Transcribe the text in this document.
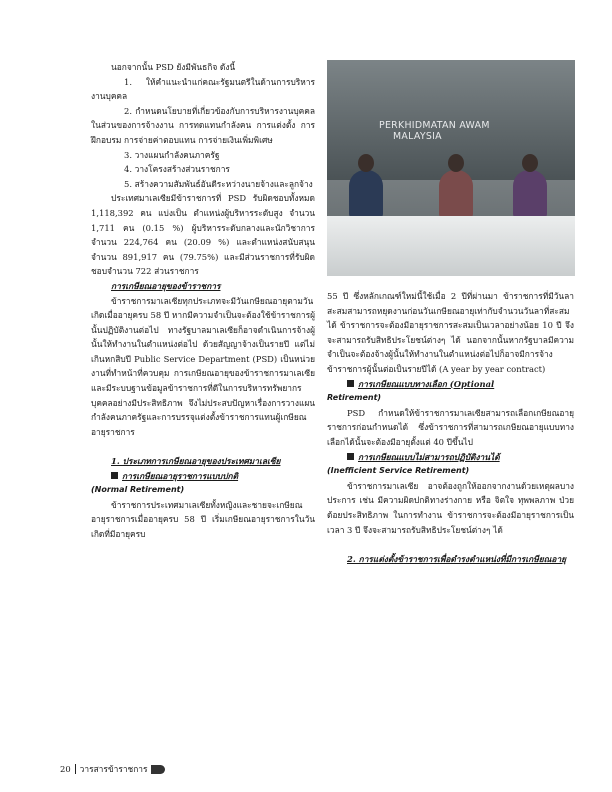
นอกจากนั้น PSD ยังมีพันธกิจ ดังนี้

1. ให้คำแนะนำแก่คณะรัฐมนตรีในด้านการบริหารงานบุคคล

2. กำหนดนโยบายที่เกี่ยวข้องกับการบริหารงานบุคคลในส่วนของการจ้างงาน การทดแทนกำลังคน การแต่งตั้ง การฝึกอบรม การจ่ายค่าตอบแทน การจ่ายเงินเพิ่มพิเศษ

3. วางแผนกำลังคนภาครัฐ

4. วางโครงสร้างส่วนราชการ

5. สร้างความสัมพันธ์อันดีระหว่างนายจ้างและลูกจ้าง

ประเทศมาเลเซียมีข้าราชการที่ PSD รับผิดชอบทั้งหมด 1,118,392 คน แบ่งเป็น ตำแหน่งผู้บริหารระดับสูง จำนวน 1,711 คน (0.15 %) ผู้บริหารระดับกลางและนักวิชาการ จำนวน 224,764 คน (20.09 %) และตำแหน่งสนับสนุน จำนวน 891,917 คน (79.75%) และมีส่วนราชการที่รับผิดชอบจำนวน 722 ส่วนราชการ

การเกษียณอายุของข้าราชการ

ข้าราชการมาเลเซียทุกประเภทจะมีวันเกษียณอายุตามวันเกิดเมื่ออายุครบ 58 ปี หากมีความจำเป็นจะต้องใช้ข้าราชการผู้นั้นปฏิบัติงานต่อไป ทางรัฐบาลมาเลเซียก็อาจดำเนินการจ้างผู้นั้นให้ทำงานในตำแหน่งต่อไป ด้วยสัญญาจ้างเป็นรายปี แต่ไม่เกินหกสิบปี Public Service Department (PSD) เป็นหน่วยงานที่ทำหน้าที่ควบคุม การเกษียณอายุของข้าราชการมาเลเซีย และมีระบบฐานข้อมูลข้าราชการที่ดีในการบริหารทรัพยากรบุคคลอย่างมีประสิทธิภาพ จึงไม่ประสบปัญหาเรื่องการวางแผนกำลังคนภาครัฐและการบรรจุแต่งตั้งข้าราชการแทนผู้เกษียณอายุราชการ

1. ประเภทการเกษียณอายุของประเทศมาเลเซีย

การเกษียณอายุราชการแบบปกติ

(Normal Retirement)

ข้าราชการประเทศมาเลเซียทั้งหญิงและชายจะเกษียณอายุราชการเมื่ออายุครบ 58 ปี เริ่มเกษียณอายุราชการในวันเกิดที่มีอายุครบ

PERKHIDMATAN AWAM
MALAYSIA

55 ปี ซึ่งหลักเกณฑ์ใหม่นี้ใช้เมื่อ 2 ปีที่ผ่านมา ข้าราชการที่มีวันลาสะสมสามารถหยุดงานก่อนวันเกษียณอายุเท่ากับจำนวนวันลาที่สะสมได้ ข้าราชการจะต้องมีอายุราชการสะสมเป็นเวลาอย่างน้อย 10 ปี จึงจะสามารถรับสิทธิประโยชน์ต่างๆ ได้ นอกจากนั้นหากรัฐบาลมีความจำเป็นจะต้องจ้างผู้นั้นให้ทำงานในตำแหน่งต่อไปก็อาจมีการจ้างข้าราชการผู้นั้นต่อเป็นรายปีได้ (A year by year contract)

การเกษียณแบบทางเลือก (Optional

Retirement)

PSD กำหนดให้ข้าราชการมาเลเซียสามารถเลือกเกษียณอายุราชการก่อนกำหนดได้ ซึ่งข้าราชการที่สามารถเกษียณอายุแบบทางเลือกได้นั้นจะต้องมีอายุตั้งแต่ 40 ปีขึ้นไป

การเกษียณแบบไม่สามารถปฏิบัติงานได้

(Inefficient Service Retirement)

ข้าราชการมาเลเซีย อาจต้องถูกให้ออกจากงานด้วยเหตุผลบางประการ เช่น มีความผิดปกติทางร่างกาย หรือ จิตใจ ทุพพลภาพ ป่วย ด้อยประสิทธิภาพ ในการทำงาน ข้าราชการจะต้องมีอายุราชการเป็นเวลา 3 ปี จึงจะสามารถรับสิทธิประโยชน์ต่างๆ ได้

2. การแต่งตั้งข้าราชการเพื่อดำรงตำแหน่งที่มีการเกษียณอายุ

20 วารสารข้าราชการ
